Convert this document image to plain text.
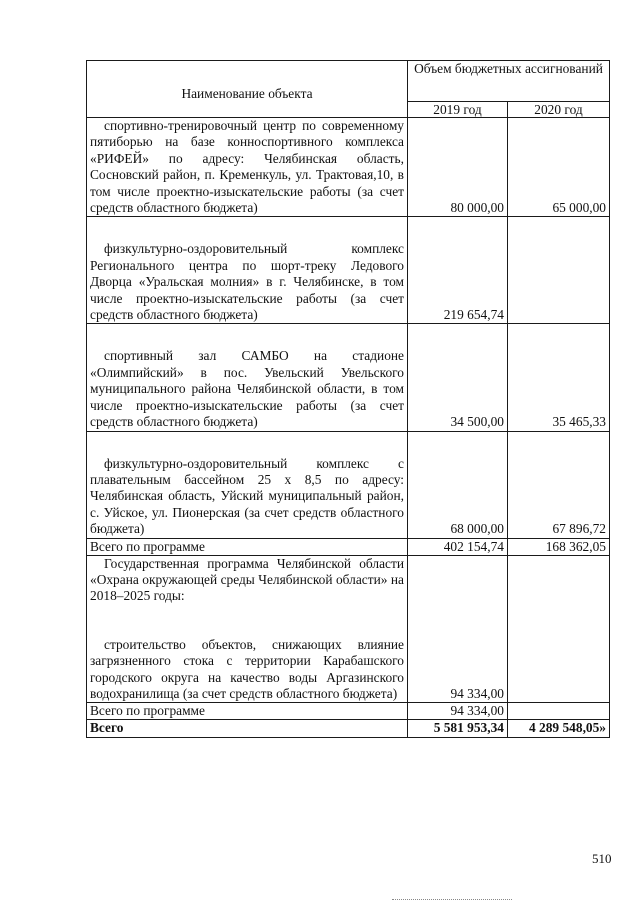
Наименование объекта	Объем бюджетных ассигнований	
	2019 год	2020 год

спортивно-тренировочный центр по современному пятиборью на базе конноспортивного комплекса «РИФЕЙ» по адресу: Челябинская область, Сосновский район, п. Кременкуль, ул. Трактовая,10, в том числе проектно-изыскательские работы (за счет средств областного бюджета)	80 000,00	65 000,00

физкультурно-оздоровительный комплекс Регионального центра по шорт-треку Ледового Дворца «Уральская молния» в г. Челябинске, в том числе проектно-изыскательские работы (за счет средств областного бюджета)	219 654,74	

спортивный зал САМБО на стадионе «Олимпийский» в пос. Увельский Увельского муниципального района Челябинской области, в том числе проектно-изыскательские работы (за счет средств областного бюджета)	34 500,00	35 465,33

физкультурно-оздоровительный комплекс с плавательным бассейном 25 x 8,5 по адресу: Челябинская область, Уйский муниципальный район, с. Уйское, ул. Пионерская (за счет средств областного бюджета)	68 000,00	67 896,72
Всего по программе	402 154,74	168 362,05

Государственная программа Челябинской области «Охрана окружающей среды Челябинской области» на 2018–2025 годы:

строительство объектов, снижающих влияние загрязненного стока с территории Карабашского городского округа на качество воды Аргазинского водохранилища (за счет средств областного бюджета)	94 334,00	
Всего по программе	94 334,00	
Всего	5 581 953,34	4 289 548,05»
510
